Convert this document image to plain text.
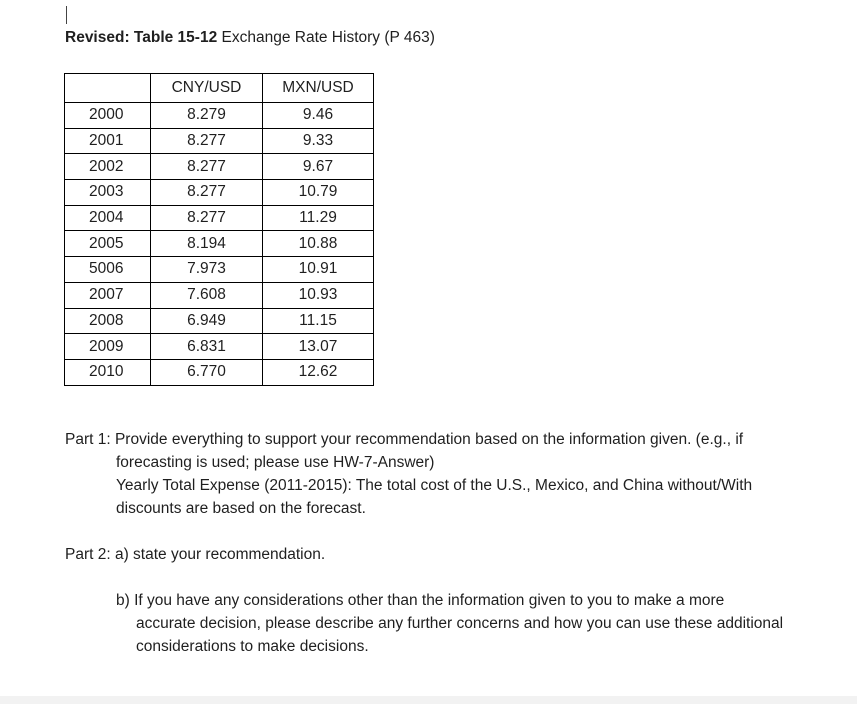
Revised: Table 15-12 Exchange Rate History (P 463)
	CNY/USD	MXN/USD
2000	8.279	9.46
2001	8.277	9.33
2002	8.277	9.67
2003	8.277	10.79
2004	8.277	11.29
2005	8.194	10.88
5006	7.973	10.91
2007	7.608	10.93
2008	6.949	11.15
2009	6.831	13.07
2010	6.770	12.62
Part 1: Provide everything to support your recommendation based on the information given. (e.g., if
forecasting is used; please use HW-7-Answer)
Yearly Total Expense (2011-2015): The total cost of the U.S., Mexico, and China without/With
discounts are based on the forecast.
Part 2: a) state your recommendation.
b) If you have any considerations other than the information given to you to make a more
accurate decision, please describe any further concerns and how you can use these additional
considerations to make decisions.
